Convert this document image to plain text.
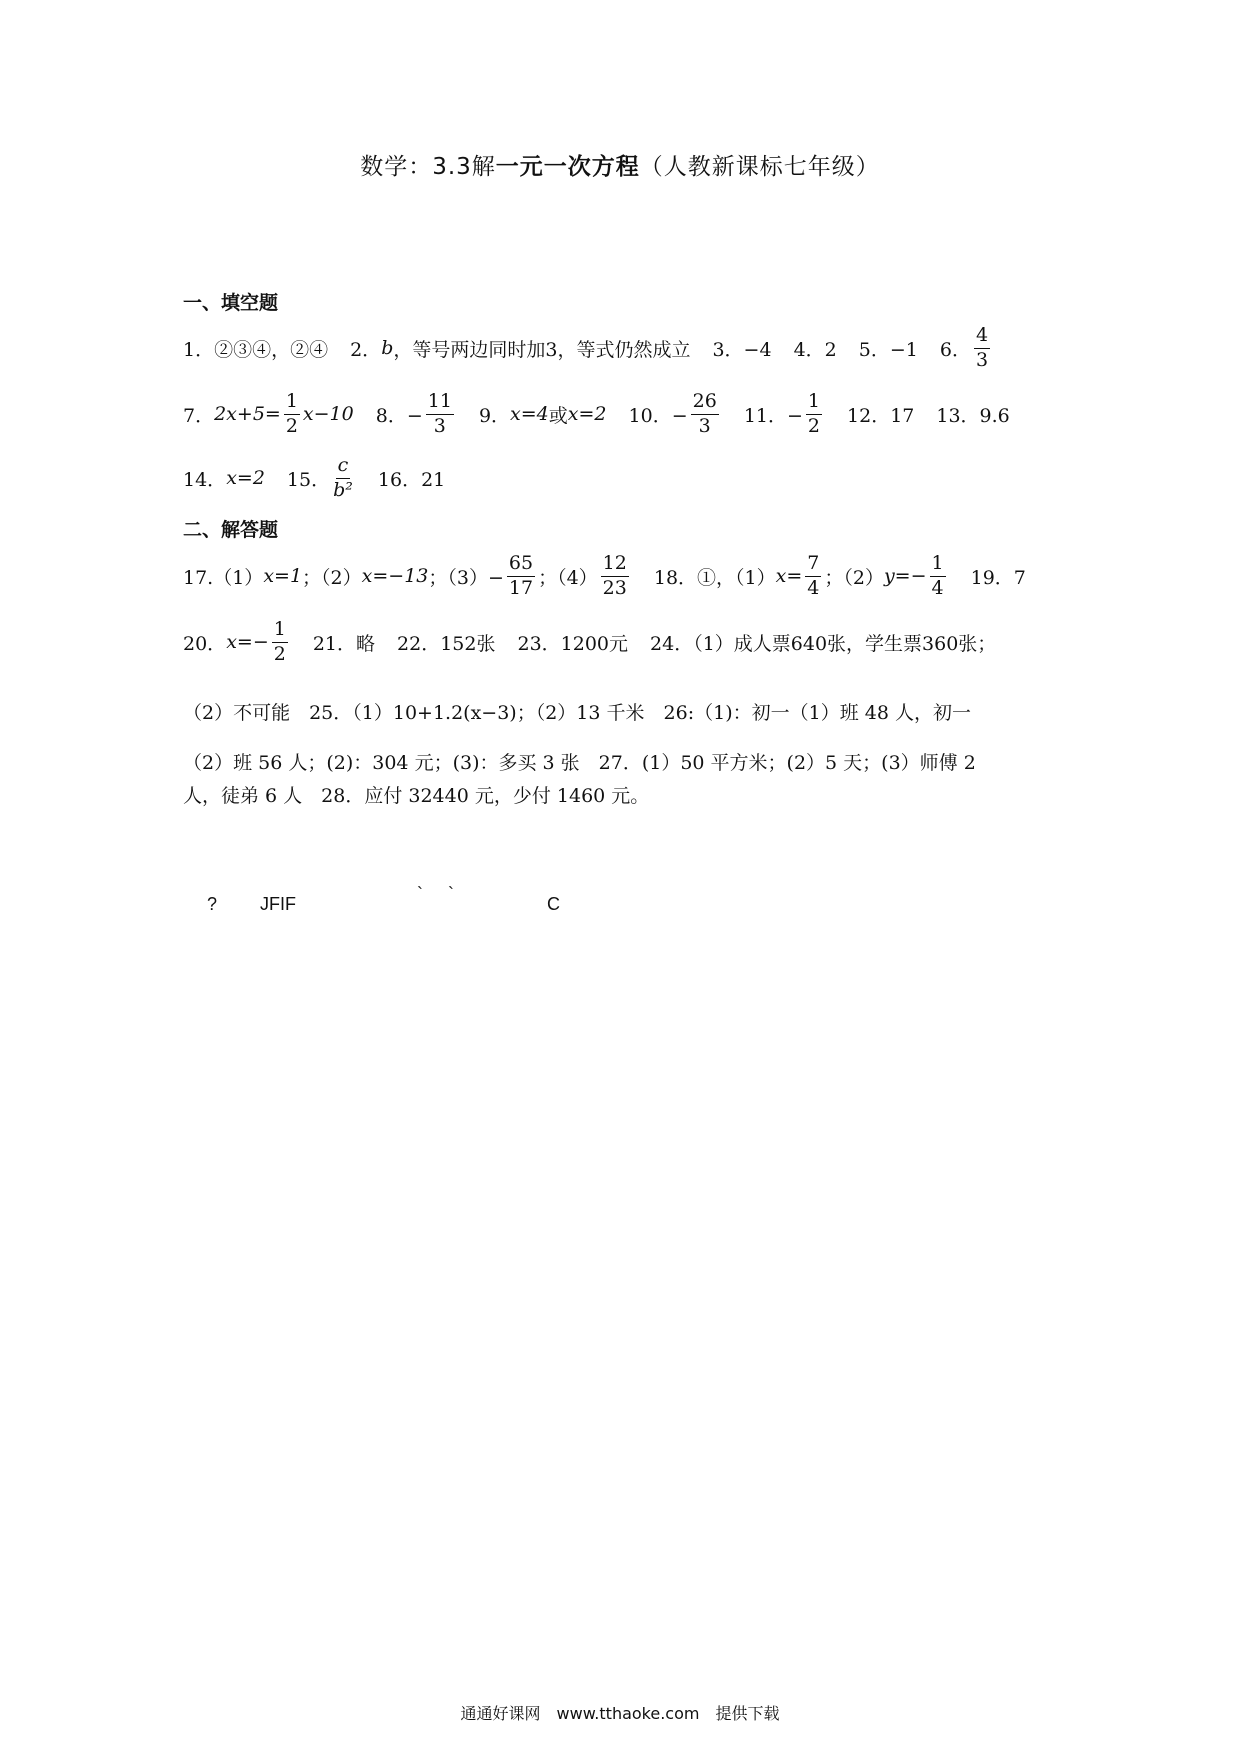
数学：3.3解一元一次方程（人教新课标七年级）
一、填空题
1．②③④，②④ 2． b ，等号两边同时加3，等式仍然成立 3．−4 4．2 5．−1 6． $\frac{4}{3}$
7． $2x+5= \frac{1}{2} x-10$ 8．− $\frac{11}{3} 9$． x=4 或 x=2 10．− $\frac{26}{3} 11$．− $\frac{1}{2} 12$．17 13．9.6
14． x=2 15． $\frac{c}{\text{b²}} 16$．21
二、解答题
17.（1） x=1 ；（2） x=−13 ；$(3)- \frac{65}{17}$ ；$(4) \frac{12}{23} 18$．①，（1） $x= \frac{7}{4}$ ；（2） $y=- \frac{1}{4} 19$．7
20． $x=- \frac{1}{2} 21$．略 22．152张 23．1200元 24．（1）成人票640张，学生票360张；
（2）不可能　25．（1）10+1.2(x−3)；（2）13 千米　26:（1)：初一（1）班 48 人，初一
（2）班 56 人；(2)：304 元；(3)：多买 3 张　27．(1）50 平方米；(2）5 天；(3）师傅 2
人，徒弟 6 人　28．应付 32440 元，少付 1460 元。
? JFIF	` `	C
通通好课网　www.tthaoke.com　提供下载
